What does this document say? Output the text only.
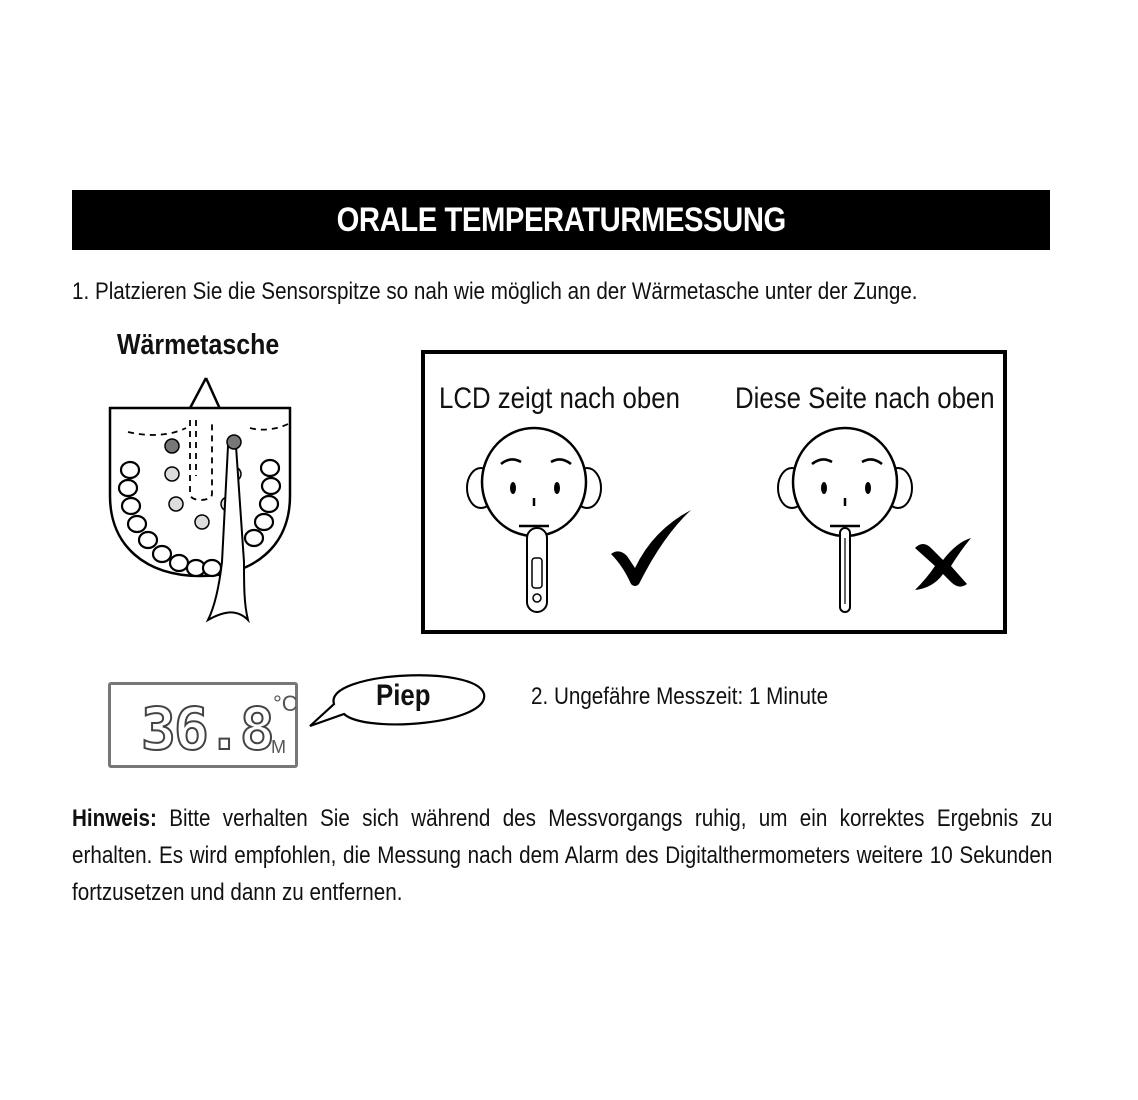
ORALE TEMPERATURMESSUNG
1. Platzieren Sie die Sensorspitze so nah wie möglich an der Wärmetasche unter der Zunge.
Wärmetasche
LCD zeigt nach oben Diese Seite nach oben
36.8 °C
M
Piep	2. Ungefähre Messzeit: 1 Minute
Hinweis: Bitte verhalten Sie sich während des Messvorgangs ruhig, um ein korrektes Ergebnis zu erhalten. Es wird empfohlen, die Messung nach dem Alarm des Digitalthermometers weitere 10 Sekunden fortzusetzen und dann zu entfernen.
